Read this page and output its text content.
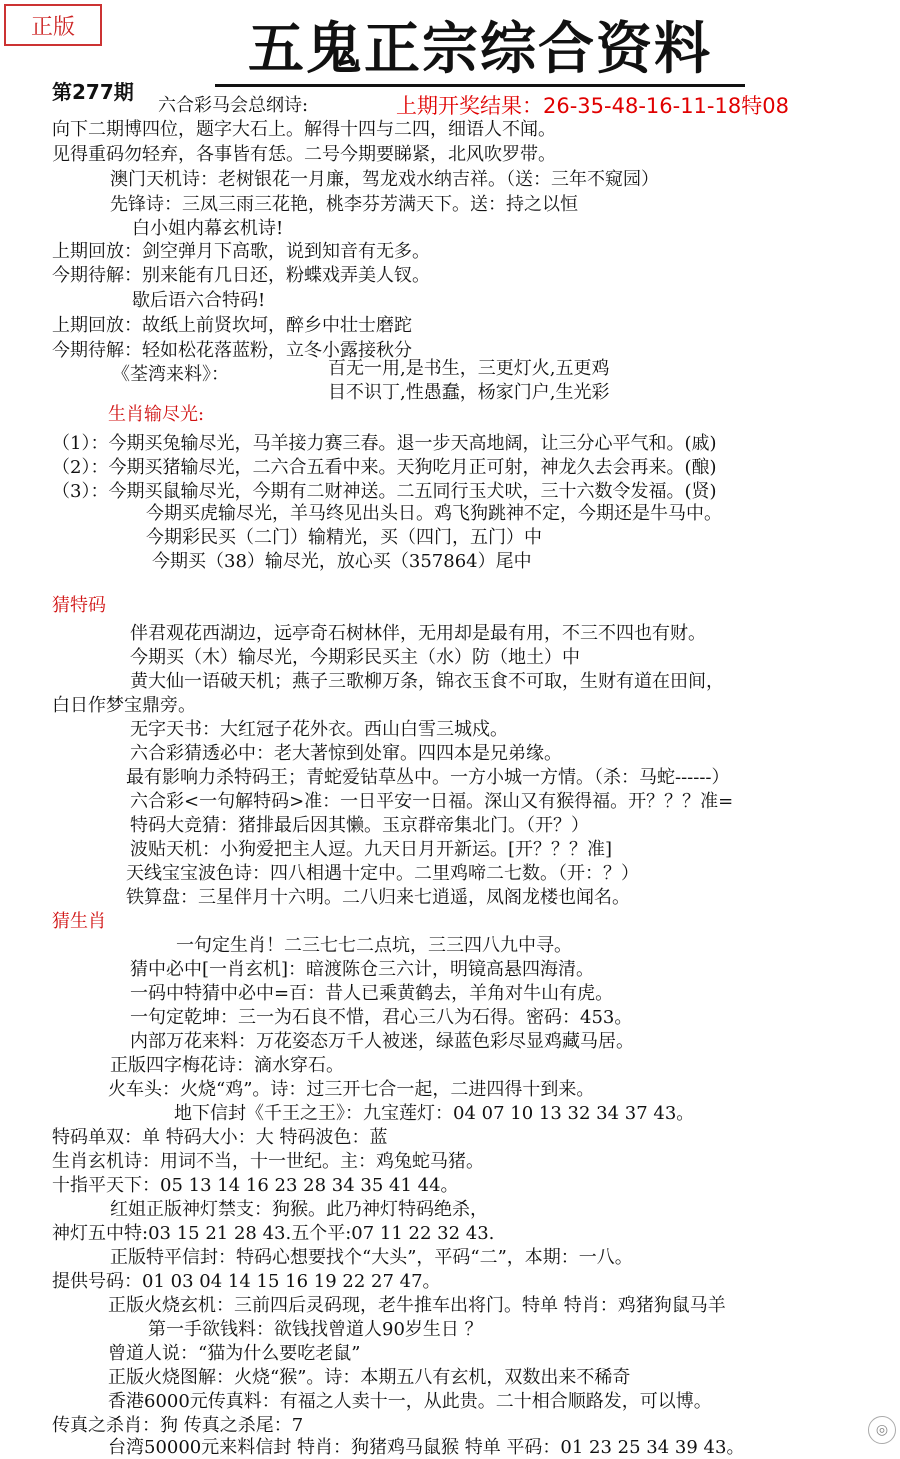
正版	五鬼正宗综合资料
第277期
上期开奖结果：26-35-48-16-11-18特08
六合彩马会总纲诗:
向下二期博四位，题字大石上。解得十四与二四，细语人不闻。
见得重码勿轻弃，各事皆有恁。二号今期要睇紧，北风吹罗带。
澳门天机诗：老树银花一月廉，驾龙戏水纳吉祥。（送：三年不窥园）
先锋诗：三凤三雨三花艳，桃李芬芳满天下。送：持之以恒
白小姐内幕玄机诗!
上期回放：剑空弹月下高歌，说到知音有无多。
今期待解：别来能有几日还，粉蝶戏弄美人钗。
歇后语六合特码!
上期回放：故纸上前贤坎坷，醉乡中壮士磨跎
今期待解：轻如松花落蓝粉，立冬小露接秋分
《荃湾来料》：	百无一用,是书生，三更灯火,五更鸡
目不识丁,性愚蠢，杨家门户,生光彩
生肖输尽光:
（1）：今期买兔输尽光，马羊接力赛三春。退一步天高地阔，让三分心平气和。(戚)
（2）：今期买猪输尽光，二六合五看中来。天狗吃月正可射，神龙久去会再来。(酿)
（3）：今期买鼠输尽光，今期有二财神送。二五同行玉犬吠，三十六数令发福。(贤)
今期买虎输尽光，羊马终见出头日。鸡飞狗跳神不定，今期还是牛马中。
今期彩民买（二门）输精光，买（四门，五门）中
今期买（38）输尽光，放心买（357864）尾中
猜特码
伴君观花西湖边，远亭奇石树林伴，无用却是最有用，不三不四也有财。
今期买（木）输尽光，今期彩民买主（水）防（地土）中
黄大仙一语破天机；燕子三歌柳万条，锦衣玉食不可取，生财有道在田间，
白日作梦宝鼎旁。
无字天书：大红冠子花外衣。西山白雪三城戍。
六合彩猜透必中：老大著惊到处窜。四四本是兄弟缘。
最有影响力杀特码王；青蛇爱钻草丛中。一方小城一方情。（杀：马蛇------）
六合彩<一句解特码>准：一日平安一日福。深山又有猴得福。开？？？准=
特码大竞猜：猪排最后因其懒。玉京群帝集北门。（开？）
波贴天机：小狗爱把主人逗。九天日月开新运。[开？？？准]
天线宝宝波色诗：四八相遇十定中。二里鸡啼二七数。（开：？）
铁算盘：三星伴月十六明。二八归来七逍遥，凤阁龙楼也闻名。
猜生肖
一句定生肖！二三七七二点坑，三三四八九中寻。
猜中必中[一肖玄机]：暗渡陈仓三六计，明镜高悬四海清。
一码中特猜中必中=百：昔人已乘黄鹤去，羊角对牛山有虎。
一句定乾坤：三一为石良不惜，君心三八为石得。密码：453。
内部万花来料：万花姿态万千人被迷，绿蓝色彩尽显鸡藏马居。
正版四字梅花诗：滴水穿石。
火车头：火烧“鸡”。诗：过三开七合一起，二进四得十到来。
地下信封《千王之王》：九宝莲灯：04 07 10 13 32 34 37 43。
特码单双：单 特码大小：大 特码波色：蓝
生肖玄机诗：用词不当，十一世纪。主：鸡兔蛇马猪。
十指平天下：05 13 14 16 23 28 34 35 41 44。
红姐正版神灯禁支：狗猴。此乃神灯特码绝杀，
神灯五中特:03 15 21 28 43.五个平:07 11 22 32 43.
正版特平信封：特码心想要找个“大头”，平码“二”，本期：一八。
提供号码：01 03 04 14 15 16 19 22 27 47。
正版火烧玄机：三前四后灵码现，老牛推车出将门。特单 特肖：鸡猪狗鼠马羊
第一手欲钱料：欲钱找曾道人90岁生日 ？
曾道人说：“猫为什么要吃老鼠”
正版火烧图解：火烧“猴”。诗：本期五八有玄机，双数出来不稀奇
香港6000元传真料：有福之人卖十一，从此贵。二十相合顺路发，可以博。
传真之杀肖：狗 传真之杀尾：7
台湾50000元来料信封 特肖：狗猪鸡马鼠猴 特单 平码：01 23 25 34 39 43。
◎
